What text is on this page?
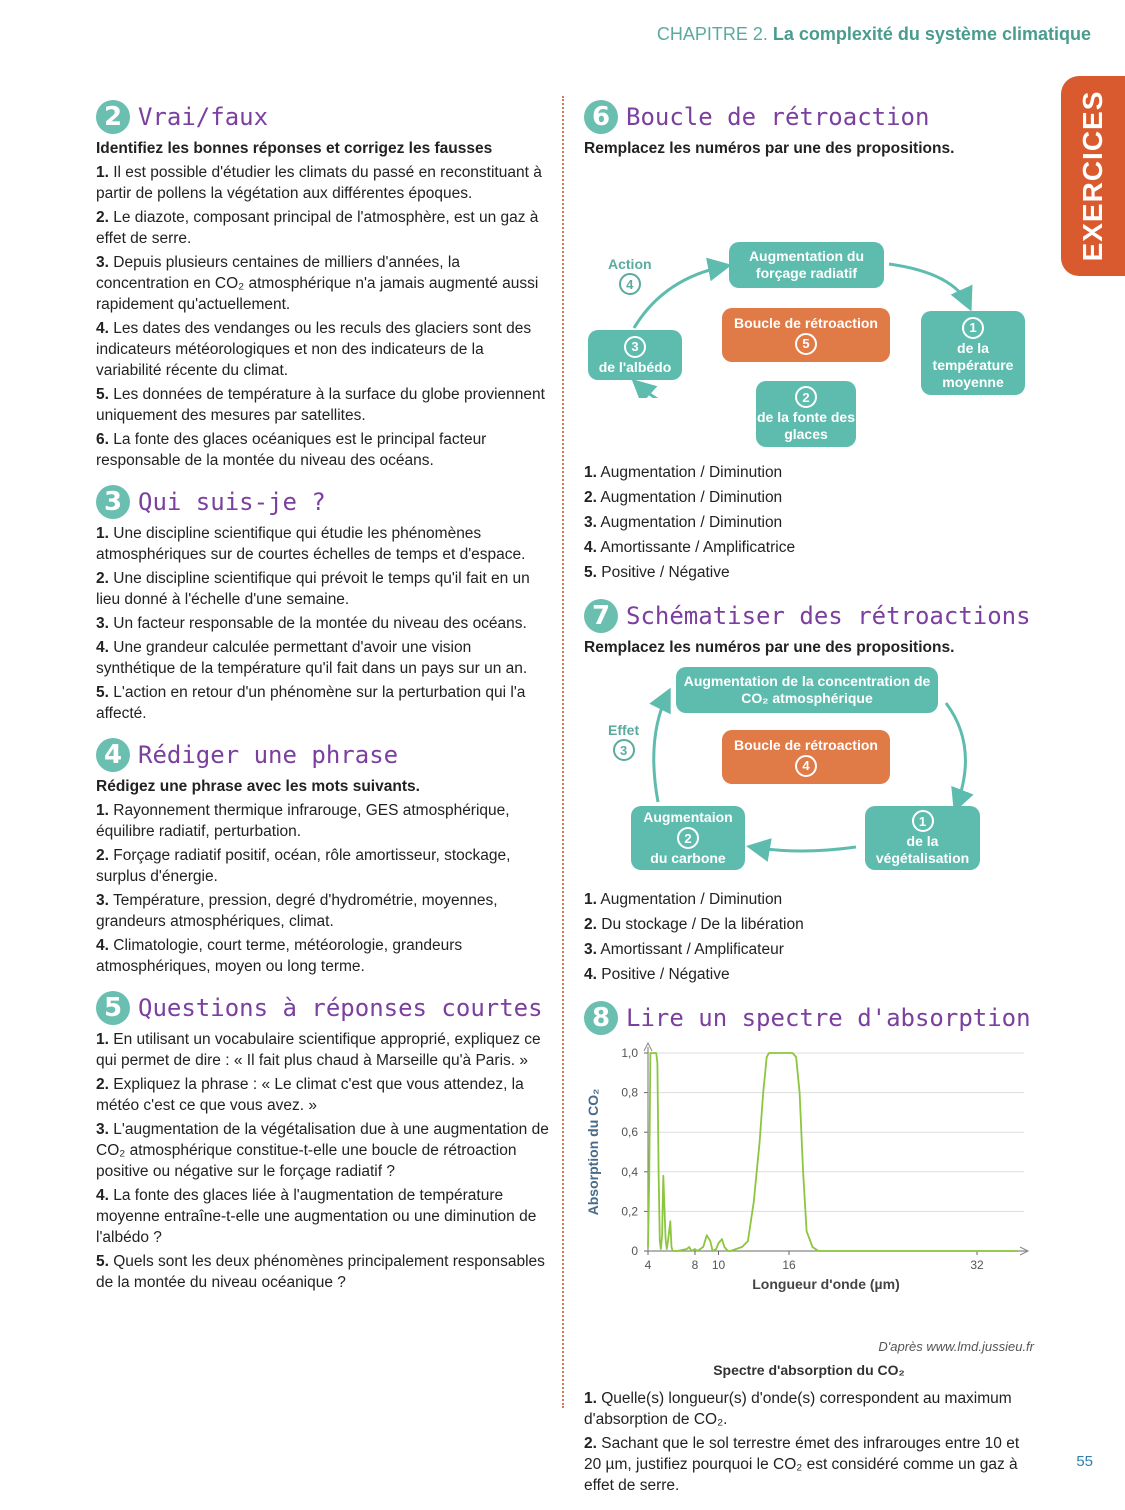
CHAPITRE 2. La complexité du système climatique
EXERCICES
2 Vrai/faux
Identifiez les bonnes réponses et corrigez les fausses
1. Il est possible d'étudier les climats du passé en reconstituant à partir de pollens la végétation aux différentes époques.
2. Le diazote, composant principal de l'atmosphère, est un gaz à effet de serre.
3. Depuis plusieurs centaines de milliers d'années, la concentration en CO₂ atmosphérique n'a jamais augmenté aussi rapidement qu'actuellement.
4. Les dates des vendanges ou les reculs des glaciers sont des indicateurs météorologiques et non des indicateurs de la variabilité récente du climat.
5. Les données de température à la surface du globe proviennent uniquement des mesures par satellites.
6. La fonte des glaces océaniques est le principal facteur responsable de la montée du niveau des océans.
3 Qui suis-je ?
1. Une discipline scientifique qui étudie les phénomènes atmosphériques sur de courtes échelles de temps et d'espace.
2. Une discipline scientifique qui prévoit le temps qu'il fait en un lieu donné à l'échelle d'une semaine.
3. Un facteur responsable de la montée du niveau des océans.
4. Une grandeur calculée permettant d'avoir une vision synthétique de la température qu'il fait dans un pays sur un an.
5. L'action en retour d'un phénomène sur la perturbation qui l'a affecté.
4 Rédiger une phrase
Rédigez une phrase avec les mots suivants.
1. Rayonnement thermique infrarouge, GES atmosphérique, équilibre radiatif, perturbation.
2. Forçage radiatif positif, océan, rôle amortisseur, stockage, surplus d'énergie.
3. Température, pression, degré d'hydrométrie, moyennes, grandeurs atmosphériques, climat.
4. Climatologie, court terme, météorologie, grandeurs atmosphériques, moyen ou long terme.
5 Questions à réponses courtes
1. En utilisant un vocabulaire scientifique approprié, expliquez ce qui permet de dire : « Il fait plus chaud à Marseille qu'à Paris. »
2. Expliquez la phrase : « Le climat c'est que vous attendez, la météo c'est ce que vous avez. »
3. L'augmentation de la végétalisation due à une augmentation de CO₂ atmosphérique constitue-t-elle une boucle de rétroaction positive ou négative sur le forçage radiatif ?
4. La fonte des glaces liée à l'augmentation de température moyenne entraîne-t-elle une augmentation ou une diminution de l'albédo ?
5. Quels sont les deux phénomènes principalement responsables de la montée du niveau océanique ?
6 Boucle de rétroaction
Remplacez les numéros par une des propositions.
Augmentation du forçage radiatif
Boucle de rétroaction
5
1
de la température moyenne
2
de la fonte des glaces
3
de l'albédo
Action
4
1. Augmentation / Diminution
2. Augmentation / Diminution
3. Augmentation / Diminution
4. Amortissante / Amplificatrice
5. Positive / Négative
7 Schématiser des rétroactions
Remplacez les numéros par une des propositions.
Augmentation de la concentration de CO₂ atmosphérique
Boucle de rétroaction
4
1
de la végétalisation
Augmentaion
2
du carbone
Effet
3
1. Augmentation / Diminution
2. Du stockage / De la libération
3. Amortissant / Amplificateur
4. Positive / Négative
8 Lire un spectre d'absorption
0
0,2
0,4
0,6
0,8
1,0
4	8 10	16	32
Longueur d'onde (µm)
Absorption du CO₂
D'après www.lmd.jussieu.fr
Spectre d'absorption du CO₂
1. Quelle(s) longueur(s) d'onde(s) correspondent au maximum d'absorption de CO₂.
2. Sachant que le sol terrestre émet des infrarouges entre 10 et 20 µm, justifiez pourquoi le CO₂ est considéré comme un gaz à effet de serre.
55
